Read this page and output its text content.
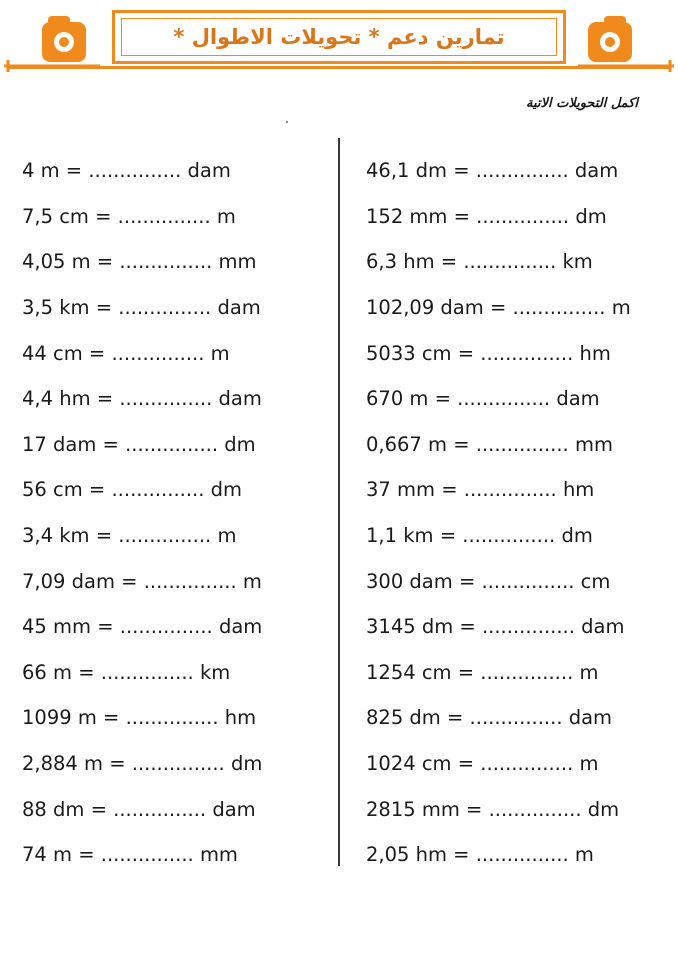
تمارين دعم * تحويلات الاطوال *
اكمل التحويلات الاتية
4 m =
...............
dam
7,5 cm =
...............
m
4,05 m =
...............
mm
3,5 km =
...............
dam
44 cm =
...............
m
4,4 hm =
...............
dam
17 dam =
...............
dm
56 cm =
...............
dm
3,4 km =
...............
m
7,09 dam =
...............
m
45 mm =
...............
dam
66 m =
...............
km
1099 m =
...............
hm
2,884 m =
...............
dm
88 dm =
...............
dam
74 m =
...............
mm
46,1 dm =
...............
dam
152 mm =
...............
dm
6,3 hm =
...............
km
102,09 dam =
...............
m
5033 cm =
...............
hm
670 m =
...............
dam
0,667 m =
...............
mm
37 mm =
...............
hm
1,1 km =
...............
dm
300 dam =
...............
cm
3145 dm =
...............
dam
1254 cm =
...............
m
825 dm =
...............
dam
1024 cm =
...............
m
2815 mm =
...............
dm
2,05 hm =
...............
m
